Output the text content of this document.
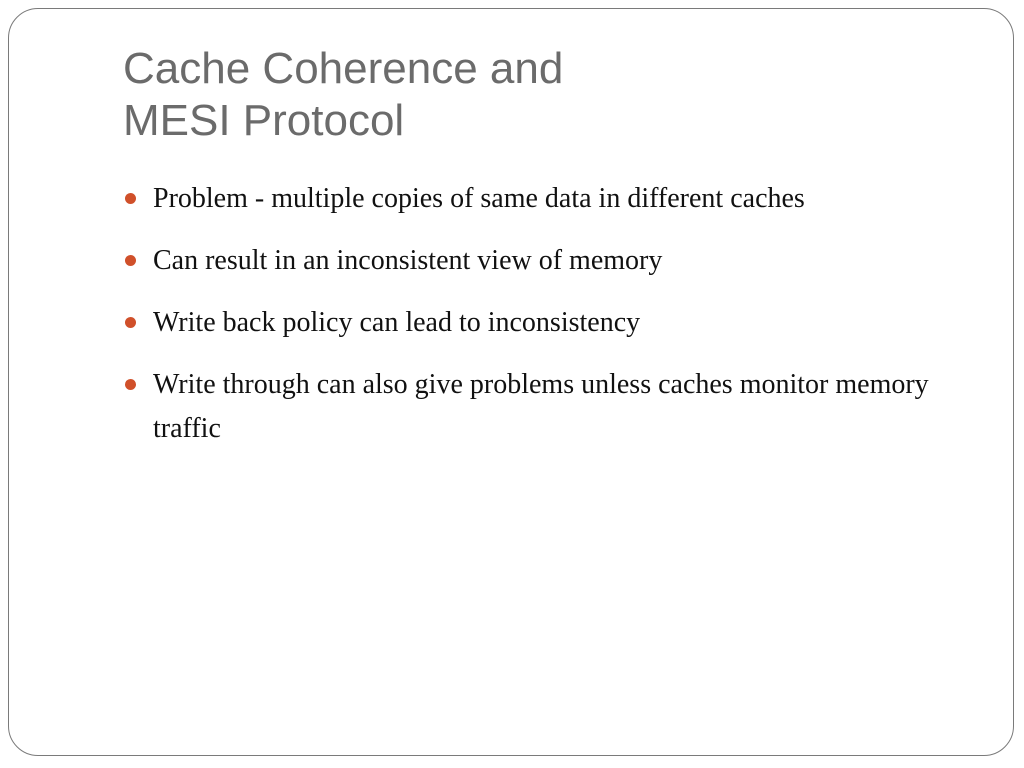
Cache Coherence and
MESI Protocol
Problem - multiple copies of same data in different caches
Can result in an inconsistent view of memory
Write back policy can lead to inconsistency
Write through can also give problems unless caches monitor memory traffic
